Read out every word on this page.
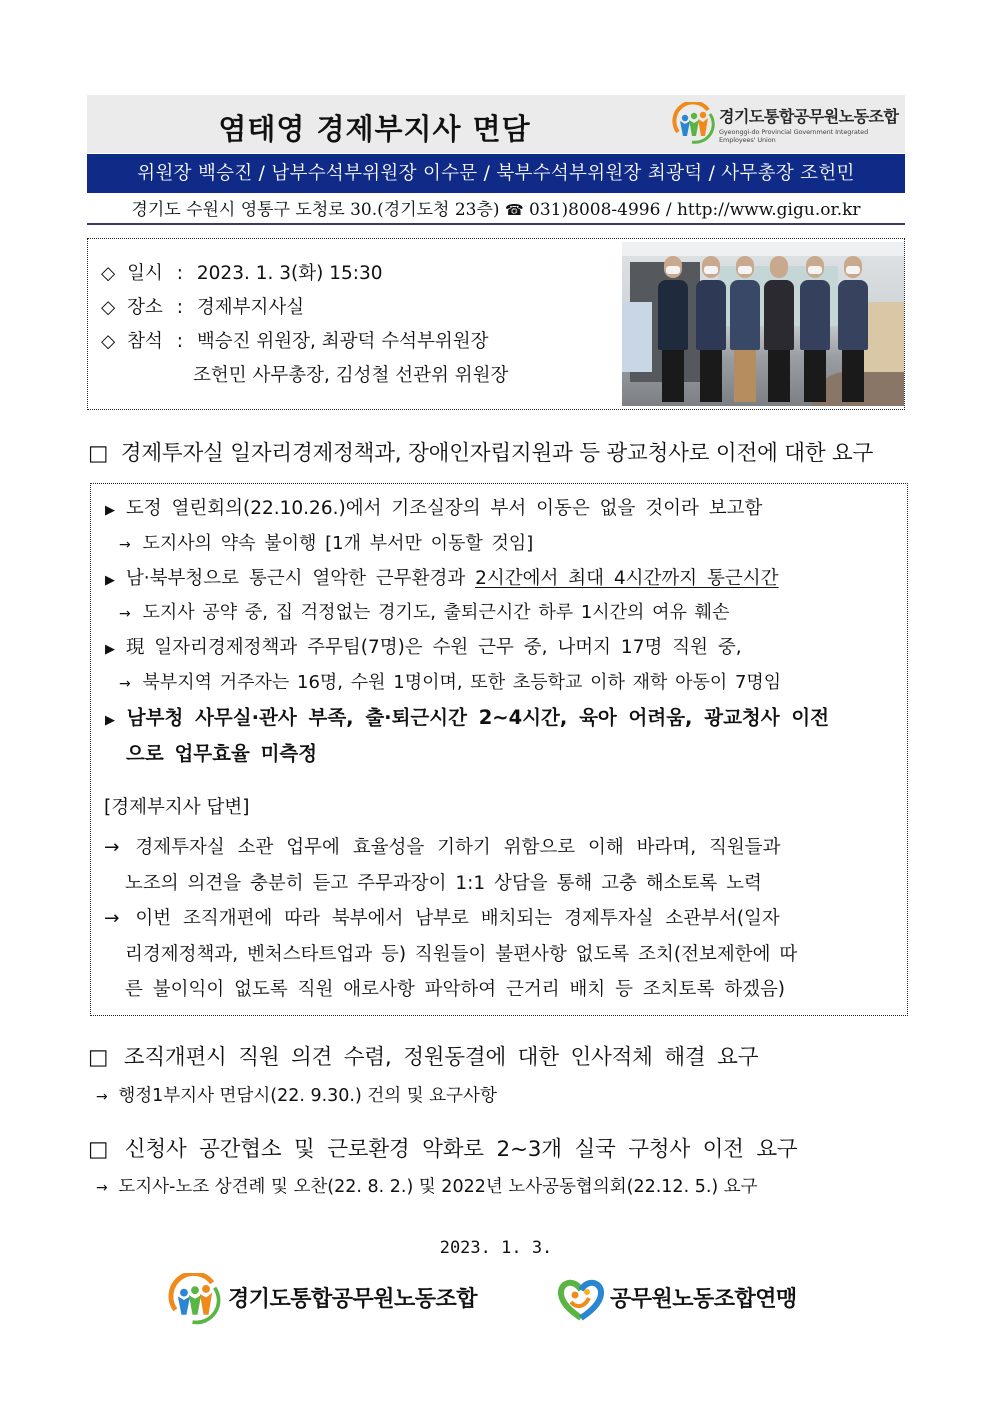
염태영 경제부지사 면담	경기도통합공무원노동조합
Gyeonggi-do Provincial Government Integrated Employees' Union
위원장 백승진 / 남부수석부위원장 이수문 / 북부수석부위원장 최광덕 / 사무총장 조헌민
경기도 수원시 영통구 도청로 30.(경기도청 23층) ☎ 031)8008-4996 / http://www.gigu.or.kr
◇ 일시 : 2023. 1. 3(화) 15:30
◇ 장소 : 경제부지사실
◇ 참석 : 백승진 위원장, 최광덕 수석부위원장
조헌민 사무총장, 김성철 선관위 위원장
□ 경제투자실 일자리경제정책과, 장애인자립지원과 등 광교청사로 이전에 대한 요구
▶ 도정 열린회의(22.10.26.)에서 기조실장의 부서 이동은 없을 것이라 보고함
→ 도지사의 약속 불이행 [1개 부서만 이동할 것임]
▶ 남·북부청으로 통근시 열악한 근무환경과 2시간에서 최대 4시간까지 통근시간
→ 도지사 공약 중, 집 걱정없는 경기도, 출퇴근시간 하루 1시간의 여유 훼손
▶ 現 일자리경제정책과 주무팀(7명)은 수원 근무 중, 나머지 17명 직원 중,
→ 북부지역 거주자는 16명, 수원 1명이며, 또한 초등학교 이하 재학 아동이 7명임
▶ 남부청 사무실·관사 부족, 출·퇴근시간 2~4시간, 육아 어려움, 광교청사 이전
으로 업무효율 미측정
[경제부지사 답변]
→ 경제투자실 소관 업무에 효율성을 기하기 위함으로 이해 바라며, 직원들과
노조의 의견을 충분히 듣고 주무과장이 1:1 상담을 통해 고충 해소토록 노력
→ 이번 조직개편에 따라 북부에서 남부로 배치되는 경제투자실 소관부서(일자
리경제정책과, 벤처스타트업과 등) 직원들이 불편사항 없도록 조치(전보제한에 따
른 불이익이 없도록 직원 애로사항 파악하여 근거리 배치 등 조치토록 하겠음)
□ 조직개편시 직원 의견 수렴, 정원동결에 대한 인사적체 해결 요구
→ 행정1부지사 면담시(22. 9.30.) 건의 및 요구사항
□ 신청사 공간협소 및 근로환경 악화로 2~3개 실국 구청사 이전 요구
→ 도지사-노조 상견례 및 오찬(22. 8. 2.) 및 2022년 노사공동협의회(22.12. 5.) 요구
2023. 1. 3.
경기도통합공무원노동조합	공무원노동조합연맹
